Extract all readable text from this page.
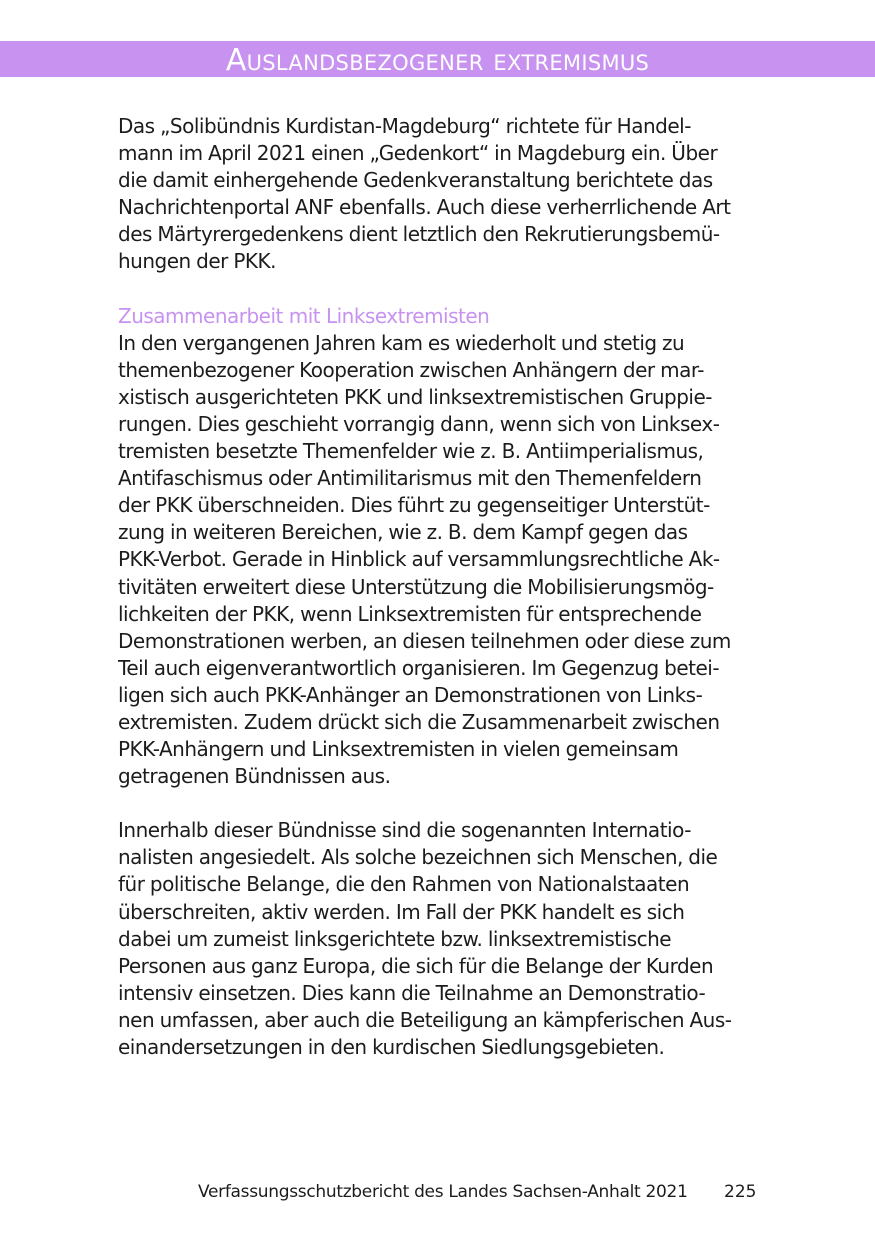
Auslandsbezogener extremismus

Das „Solibündnis Kurdistan-Magdeburg“ richtete für Handel-
mann im April 2021 einen „Gedenkort“ in Magdeburg ein. Über
die damit einhergehende Gedenkveranstaltung berichtete das
Nachrichtenportal ANF ebenfalls. Auch diese verherrlichende Art
des Märtyrergedenkens dient letztlich den Rekrutierungsbemü-
hungen der PKK.

Zusammenarbeit mit Linksextremisten

In den vergangenen Jahren kam es wiederholt und stetig zu
themenbezogener Kooperation zwischen Anhängern der mar-
xistisch ausgerichteten PKK und linksextremistischen Gruppie-
rungen. Dies geschieht vorrangig dann, wenn sich von Linksex-
tremisten besetzte Themenfelder wie z. B. Antiimperialismus,
Antifaschismus oder Antimilitarismus mit den Themenfeldern
der PKK überschneiden. Dies führt zu gegenseitiger Unterstüt-
zung in weiteren Bereichen, wie z. B. dem Kampf gegen das
PKK-Verbot. Gerade in Hinblick auf versammlungsrechtliche Ak-
tivitäten erweitert diese Unterstützung die Mobilisierungsmög-
lichkeiten der PKK, wenn Linksextremisten für entsprechende
Demonstrationen werben, an diesen teilnehmen oder diese zum
Teil auch eigenverantwortlich organisieren. Im Gegenzug betei-
ligen sich auch PKK-Anhänger an Demonstrationen von Links-
extremisten. Zudem drückt sich die Zusammenarbeit zwischen
PKK-Anhängern und Linksextremisten in vielen gemeinsam
getragenen Bündnissen aus.

Innerhalb dieser Bündnisse sind die sogenannten Internatio-
nalisten angesiedelt. Als solche bezeichnen sich Menschen, die
für politische Belange, die den Rahmen von Nationalstaaten
überschreiten, aktiv werden. Im Fall der PKK handelt es sich
dabei um zumeist linksgerichtete bzw. linksextremistische
Personen aus ganz Europa, die sich für die Belange der Kurden
intensiv einsetzen. Dies kann die Teilnahme an Demonstratio-
nen umfassen, aber auch die Beteiligung an kämpferischen Aus-
einandersetzungen in den kurdischen Siedlungsgebieten.

Verfassungsschutzbericht des Landes Sachsen-Anhalt 2021 225
